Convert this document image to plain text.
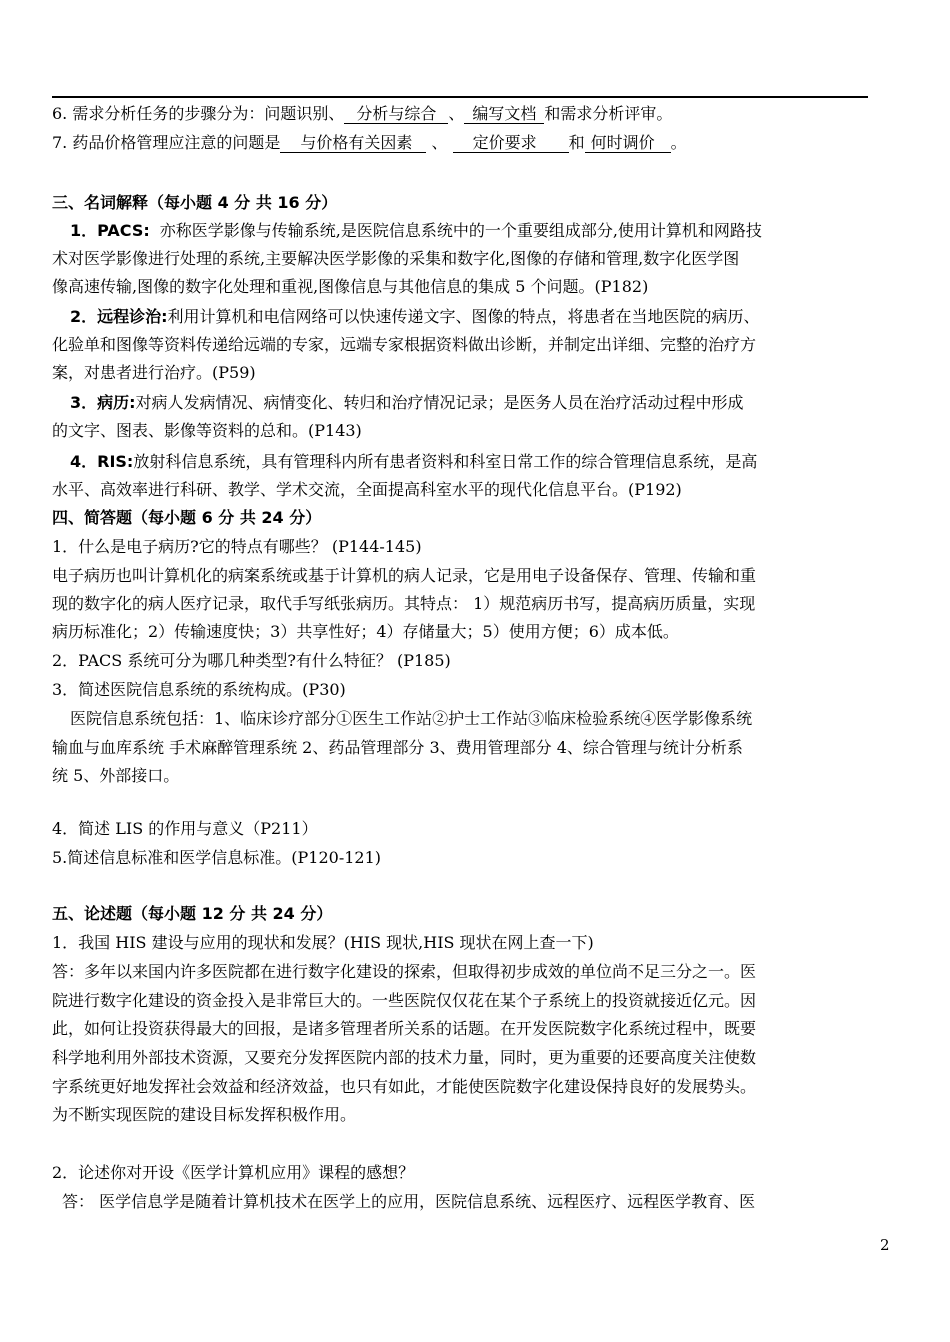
6. 需求分析任务的步骤分为：问题识别、 分析与综合 、 编写文档 和需求分析评审。
7. 药品价格管理应注意的问题是 与价格有关因素 、 定价要求 和 何时调价 。
三、名词解释（每小题 4 分 共 16 分）
1．PACS: 亦称医学影像与传输系统,是医院信息系统中的一个重要组成部分,使用计算机和网路技
术对医学影像进行处理的系统,主要解决医学影像的采集和数字化,图像的存储和管理,数字化医学图
像高速传输,图像的数字化处理和重视,图像信息与其他信息的集成 5 个问题。(P182)
2．远程诊治:利用计算机和电信网络可以快速传递文字、图像的特点，将患者在当地医院的病历、
化验单和图像等资料传递给远端的专家，远端专家根据资料做出诊断，并制定出详细、完整的治疗方
案，对患者进行治疗。(P59)
3．病历:对病人发病情况、病情变化、转归和治疗情况记录；是医务人员在治疗活动过程中形成
的文字、图表、影像等资料的总和。(P143)
4．RIS:放射科信息系统，具有管理科内所有患者资料和科室日常工作的综合管理信息系统，是高
水平、高效率进行科研、教学、学术交流，全面提高科室水平的现代化信息平台。(P192)
四、简答题（每小题 6 分 共 24 分）
1．什么是电子病历?它的特点有哪些？ (P144-145)
电子病历也叫计算机化的病案系统或基于计算机的病人记录，它是用电子设备保存、管理、传输和重
现的数字化的病人医疗记录，取代手写纸张病历。其特点： 1）规范病历书写，提高病历质量，实现
病历标准化；2）传输速度快；3）共享性好；4）存储量大；5）使用方便；6）成本低。
2．PACS 系统可分为哪几种类型?有什么特征？ (P185)
3．简述医院信息系统的系统构成。(P30)
医院信息系统包括：1、临床诊疗部分①医生工作站②护士工作站③临床检验系统④医学影像系统
输血与血库系统 手术麻醉管理系统 2、药品管理部分 3、费用管理部分 4、综合管理与统计分析系
统 5、外部接口。
4．简述 LIS 的作用与意义（P211）
5.简述信息标准和医学信息标准。(P120-121)
五、论述题（每小题 12 分 共 24 分）
1．我国 HIS 建设与应用的现状和发展？(HIS 现状,HIS 现状在网上查一下)
答：多年以来国内许多医院都在进行数字化建设的探索，但取得初步成效的单位尚不足三分之一。医
院进行数字化建设的资金投入是非常巨大的。一些医院仅仅花在某个子系统上的投资就接近亿元。因
此，如何让投资获得最大的回报，是诸多管理者所关系的话题。在开发医院数字化系统过程中，既要
科学地利用外部技术资源，又要充分发挥医院内部的技术力量，同时，更为重要的还要高度关注使数
字系统更好地发挥社会效益和经济效益，也只有如此，才能使医院数字化建设保持良好的发展势头。
为不断实现医院的建设目标发挥积极作用。
2．论述你对开设《医学计算机应用》课程的感想？
答： 医学信息学是随着计算机技术在医学上的应用，医院信息系统、远程医疗、远程医学教育、医
2
